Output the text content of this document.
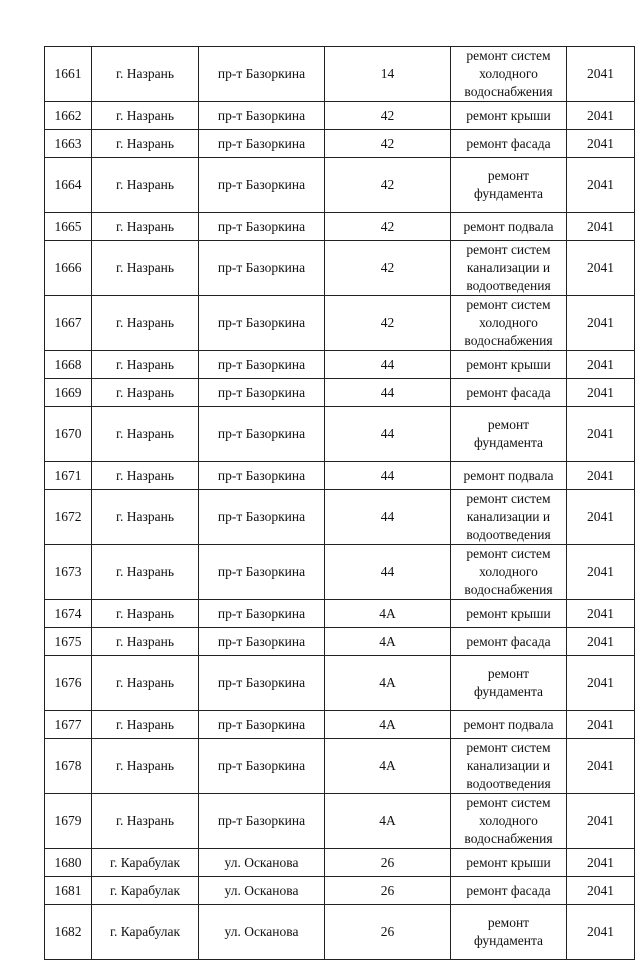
1661	г. Назрань	пр-т Базоркина	14	ремонт систем холодного водоснабжения	2041
1662	г. Назрань	пр-т Базоркина	42	ремонт крыши	2041
1663	г. Назрань	пр-т Базоркина	42	ремонт фасада	2041
1664	г. Назрань	пр-т Базоркина	42	ремонт фундамента	2041
1665	г. Назрань	пр-т Базоркина	42	ремонт подвала	2041
1666	г. Назрань	пр-т Базоркина	42	ремонт систем канализации и водоотведения	2041
1667	г. Назрань	пр-т Базоркина	42	ремонт систем холодного водоснабжения	2041
1668	г. Назрань	пр-т Базоркина	44	ремонт крыши	2041
1669	г. Назрань	пр-т Базоркина	44	ремонт фасада	2041
1670	г. Назрань	пр-т Базоркина	44	ремонт фундамента	2041
1671	г. Назрань	пр-т Базоркина	44	ремонт подвала	2041
1672	г. Назрань	пр-т Базоркина	44	ремонт систем канализации и водоотведения	2041
1673	г. Назрань	пр-т Базоркина	44	ремонт систем холодного водоснабжения	2041
1674	г. Назрань	пр-т Базоркина	4А	ремонт крыши	2041
1675	г. Назрань	пр-т Базоркина	4А	ремонт фасада	2041
1676	г. Назрань	пр-т Базоркина	4А	ремонт фундамента	2041
1677	г. Назрань	пр-т Базоркина	4А	ремонт подвала	2041
1678	г. Назрань	пр-т Базоркина	4А	ремонт систем канализации и водоотведения	2041
1679	г. Назрань	пр-т Базоркина	4А	ремонт систем холодного водоснабжения	2041
1680	г. Карабулак	ул. Осканова	26	ремонт крыши	2041
1681	г. Карабулак	ул. Осканова	26	ремонт фасада	2041
1682	г. Карабулак	ул. Осканова	26	ремонт фундамента	2041
